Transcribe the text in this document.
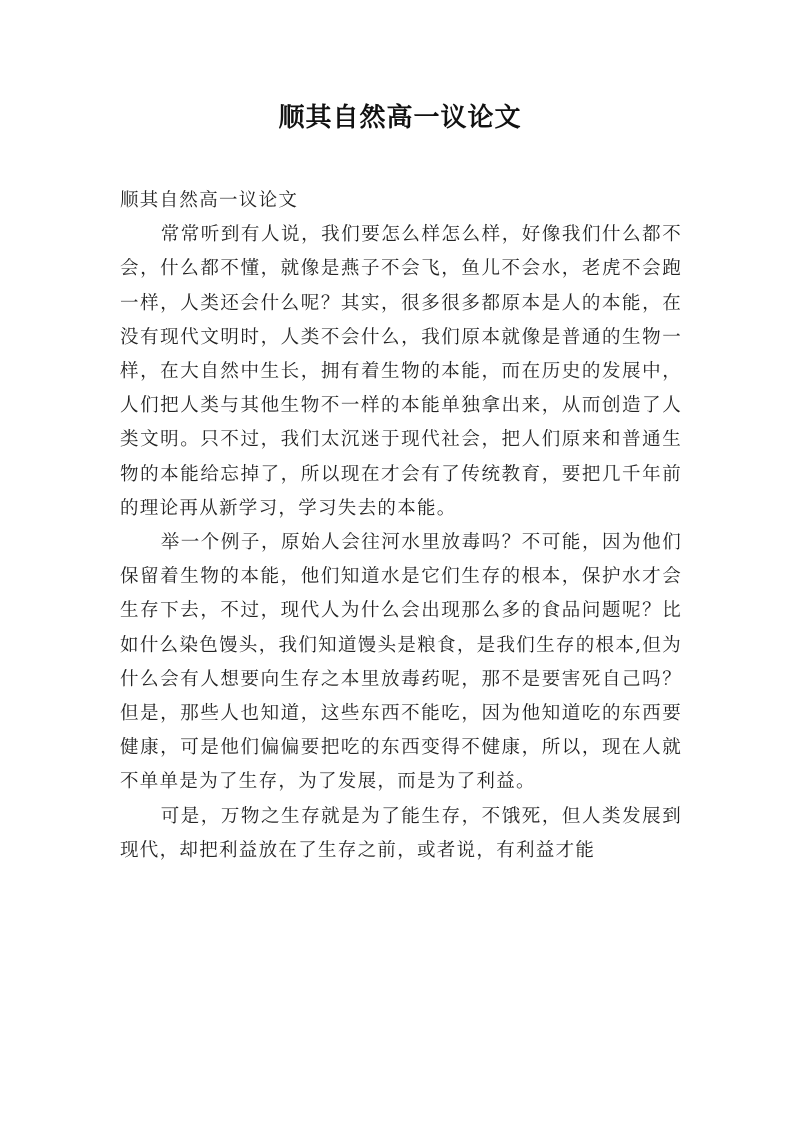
顺其自然高一议论文

顺其自然高一议论文

常常听到有人说，我们要怎么样怎么样，好像我们什么都不会，什么都不懂，就像是燕子不会飞，鱼儿不会水，老虎不会跑一样，人类还会什么呢？其实，很多很多都原本是人的本能，在没有现代文明时，人类不会什么，我们原本就像是普通的生物一样，在大自然中生长，拥有着生物的本能，而在历史的发展中，人们把人类与其他生物不一样的本能单独拿出来，从而创造了人类文明。只不过，我们太沉迷于现代社会，把人们原来和普通生物的本能给忘掉了，所以现在才会有了传统教育，要把几千年前的理论再从新学习，学习失去的本能。

举一个例子，原始人会往河水里放毒吗？不可能，因为他们保留着生物的本能，他们知道水是它们生存的根本，保护水才会生存下去，不过，现代人为什么会出现那么多的食品问题呢？比如什么染色馒头，我们知道馒头是粮食，是我们生存的根本,但为什么会有人想要向生存之本里放毒药呢，那不是要害死自己吗？但是，那些人也知道，这些东西不能吃，因为他知道吃的东西要健康，可是他们偏偏要把吃的东西变得不健康，所以，现在人就不单单是为了生存，为了发展，而是为了利益。

可是，万物之生存就是为了能生存，不饿死，但人类发展到现代，却把利益放在了生存之前，或者说，有利益才能
